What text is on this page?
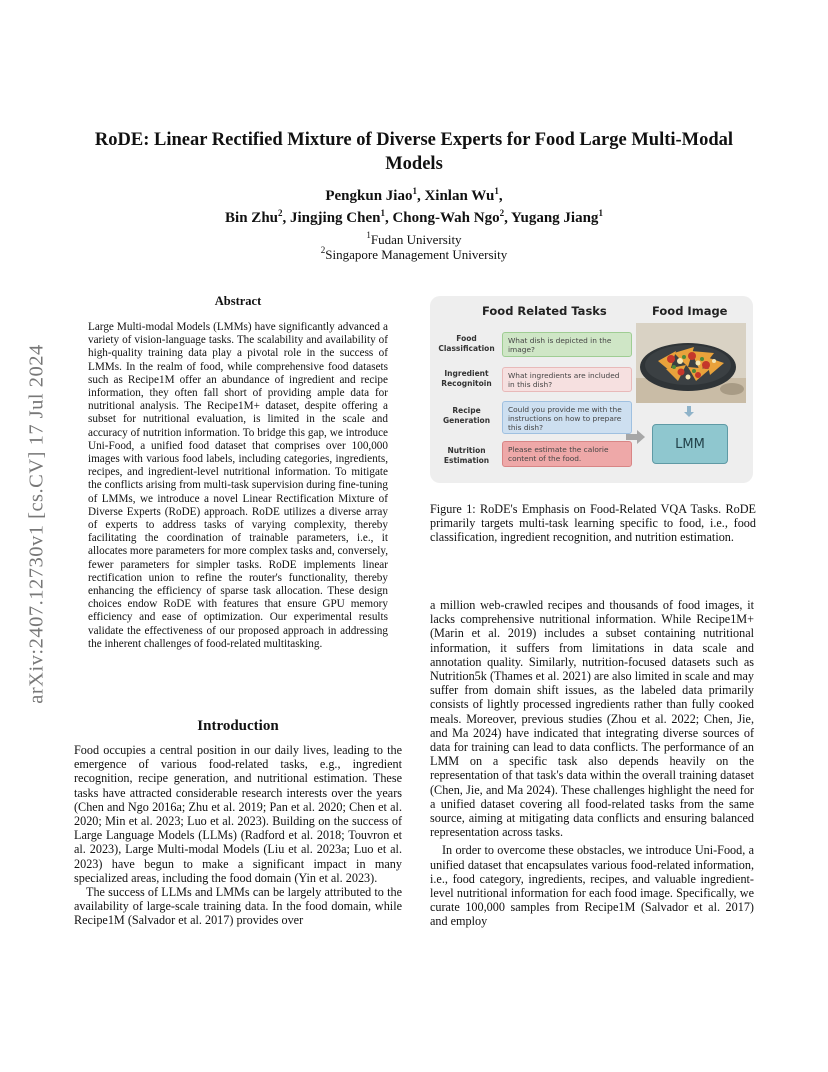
arXiv:2407.12730v1 [cs.CV] 17 Jul 2024
RoDE: Linear Rectified Mixture of Diverse Experts for Food Large Multi-Modal
Models
Pengkun Jiao$^1$, Xinlan Wu$^1$,
Bin Zhu$^2$, Jingjing Chen$^1$, Chong-Wah Ngo$^2$, Yugang Jiang$^1$
$^1$Fudan University
$^2$Singapore Management University
Abstract

Large Multi-modal Models (LMMs) have significantly advanced a variety of vision-language tasks. The scalability and availability of high-quality training data play a pivotal role in the success of LMMs. In the realm of food, while comprehensive food datasets such as Recipe1M offer an abundance of ingredient and recipe information, they often fall short of providing ample data for nutritional analysis. The Recipe1M+ dataset, despite offering a subset for nutritional evaluation, is limited in the scale and accuracy of nutrition information. To bridge this gap, we introduce Uni-Food, a unified food dataset that comprises over 100,000 images with various food labels, including categories, ingredients, recipes, and ingredient-level nutritional information. To mitigate the conflicts arising from multi-task supervision during fine-tuning of LMMs, we introduce a novel Linear Rectification Mixture of Diverse Experts (RoDE) approach. RoDE utilizes a diverse array of experts to address tasks of varying complexity, thereby facilitating the coordination of trainable parameters, i.e., it allocates more parameters for more complex tasks and, conversely, fewer parameters for simpler tasks. RoDE implements linear rectification union to refine the router's functionality, thereby enhancing the efficiency of sparse task allocation. These design choices endow RoDE with features that ensure GPU memory efficiency and ease of optimization. Our experimental results validate the effectiveness of our proposed approach in addressing the inherent challenges of food-related multitasking.

Introduction

Food occupies a central position in our daily lives, leading to the emergence of various food-related tasks, e.g., ingredient recognition, recipe generation, and nutritional estimation. These tasks have attracted considerable research interests over the years (Chen and Ngo 2016a; Zhu et al. 2019; Pan et al. 2020; Chen et al. 2020; Min et al. 2023; Luo et al. 2023). Building on the success of Large Language Models (LLMs) (Radford et al. 2018; Touvron et al. 2023), Large Multi-modal Models (Liu et al. 2023a; Luo et al. 2023) have begun to make a significant impact in many specialized areas, including the food domain (Yin et al. 2023).

The success of LLMs and LMMs can be largely attributed to the availability of large-scale training data. In the food domain, while Recipe1M (Salvador et al. 2017) provides over

Food Related Tasks	Food Image
Food
Classification
What dish is depicted in the image?
Ingredient
Recognitoin
What ingredients are included in this dish?
Recipe
Generation
Could you provide me with the instructions on how to prepare this dish?
Nutrition
Estimation
Please estimate the calorie content of the food.
LMM
Figure 1: RoDE's Emphasis on Food-Related VQA Tasks. RoDE primarily targets multi-task learning specific to food, i.e., food classification, ingredient recognition, and nutrition estimation.

a million web-crawled recipes and thousands of food images, it lacks comprehensive nutritional information. While Recipe1M+ (Marin et al. 2019) includes a subset containing nutritional information, it suffers from limitations in data scale and annotation quality. Similarly, nutrition-focused datasets such as Nutrition5k (Thames et al. 2021) are also limited in scale and may suffer from domain shift issues, as the labeled data primarily consists of lightly processed ingredients rather than fully cooked meals. Moreover, previous studies (Zhou et al. 2022; Chen, Jie, and Ma 2024) have indicated that integrating diverse sources of data for training can lead to data conflicts. The performance of an LMM on a specific task also depends heavily on the representation of that task's data within the overall training dataset (Chen, Jie, and Ma 2024). These challenges highlight the need for a unified dataset covering all food-related tasks from the same source, aiming at mitigating data conflicts and ensuring balanced representation across tasks.

In order to overcome these obstacles, we introduce Uni-Food, a unified dataset that encapsulates various food-related information, i.e., food category, ingredients, recipes, and valuable ingredient-level nutritional information for each food image. Specifically, we curate 100,000 samples from Recipe1M (Salvador et al. 2017) and employ
